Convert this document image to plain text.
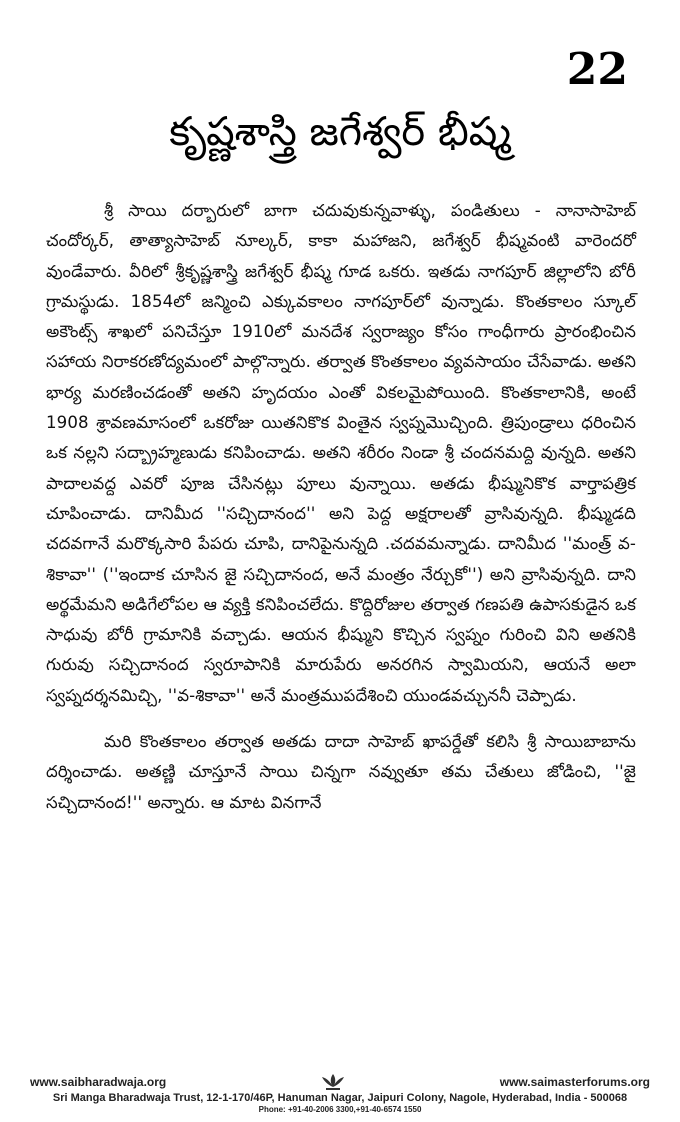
22
కృష్ణశాస్త్రి జగేశ్వర్ భీష్మ

శ్రీ సాయి దర్బారులో బాగా చదువుకున్నవాళ్ళు, పండితులు - నానాసాహెబ్ చందోర్కర్, తాత్యాసాహెబ్ నూల్కర్, కాకా మహాజని, జగేశ్వర్ భీష్మవంటి వారెందరో వుండేవారు. వీరిలో శ్రీకృష్ణశాస్త్రి జగేశ్వర్ భీష్మ గూడ ఒకరు. ఇతడు నాగపూర్ జిల్లాలోని బోరీ గ్రామస్థుడు. 1854లో జన్మించి ఎక్కువకాలం నాగపూర్‌లో వున్నాడు. కొంతకాలం స్కూల్ అకౌంట్స్ శాఖలో పనిచేస్తూ 1910లో మనదేశ స్వరాజ్యం కోసం గాంధీగారు ప్రారంభించిన సహాయ నిరాకరణోద్యమంలో పాల్గొన్నారు. తర్వాత కొంతకాలం వ్యవసాయం చేసేవాడు. అతని భార్య మరణించడంతో అతని హృదయం ఎంతో వికలమైపోయింది. కొంతకాలానికి, అంటే 1908 శ్రావణమాసంలో ఒకరోజు యితనికొక వింతైన స్వప్నమొచ్చింది. త్రిపుండ్రాలు ధరించిన ఒక నల్లని సద్బ్రాహ్మణుడు కనిపించాడు. అతని శరీరం నిండా శ్రీ చందనమద్ది వున్నది. అతని పాదాలవద్ద ఎవరో పూజ చేసినట్లు పూలు వున్నాయి. అతడు భీష్మునికొక వార్తాపత్రిక చూపించాడు. దానిమీద ''సచ్చిదానంద'' అని పెద్ద అక్షరాలతో వ్రాసివున్నది. భీష్ముడది చదవగానే మరొక్కసారి పేపరు చూపి, దానిపైనున్నది .చదవమన్నాడు. దానిమీద ''మంత్ర్ వ-శికావా'' (''ఇందాక చూసిన జై సచ్చిదానంద, అనే మంత్రం నేర్చుకో'') అని వ్రాసివున్నది. దాని అర్థమేమని అడిగేలోపల ఆ వ్యక్తి కనిపించలేదు. కొద్దిరోజుల తర్వాత గణపతి ఉపాసకుడైన ఒక సాధువు బోరీ గ్రామానికి వచ్చాడు. ఆయన భీష్ముని కొచ్చిన స్వప్నం గురించి విని అతనికి గురువు సచ్చిదానంద స్వరూపానికి మారుపేరు అనరగిన స్వామియని, ఆయనే అలా స్వప్నదర్శనమిచ్చి, ''వ-శికావా'' అనే మంత్రముపదేశించి యుండవచ్చుననీ చెప్పాడు.

మరి కొంతకాలం తర్వాత అతడు దాదా సాహెబ్ ఖాపర్డేతో కలిసి శ్రీ సాయిబాబాను దర్శించాడు. అతణ్ణి చూస్తూనే సాయి చిన్నగా నవ్వుతూ తమ చేతులు జోడించి, ''జై సచ్చిదానంద!'' అన్నారు. ఆ మాట వినగానే

www.saibharadwaja.org	www.saimasterforums.org
Sri Manga Bharadwaja Trust, 12-1-170/46P, Hanuman Nagar, Jaipuri Colony, Nagole, Hyderabad, India - 500068
Phone: +91-40-2006 3300,+91-40-6574 1550
